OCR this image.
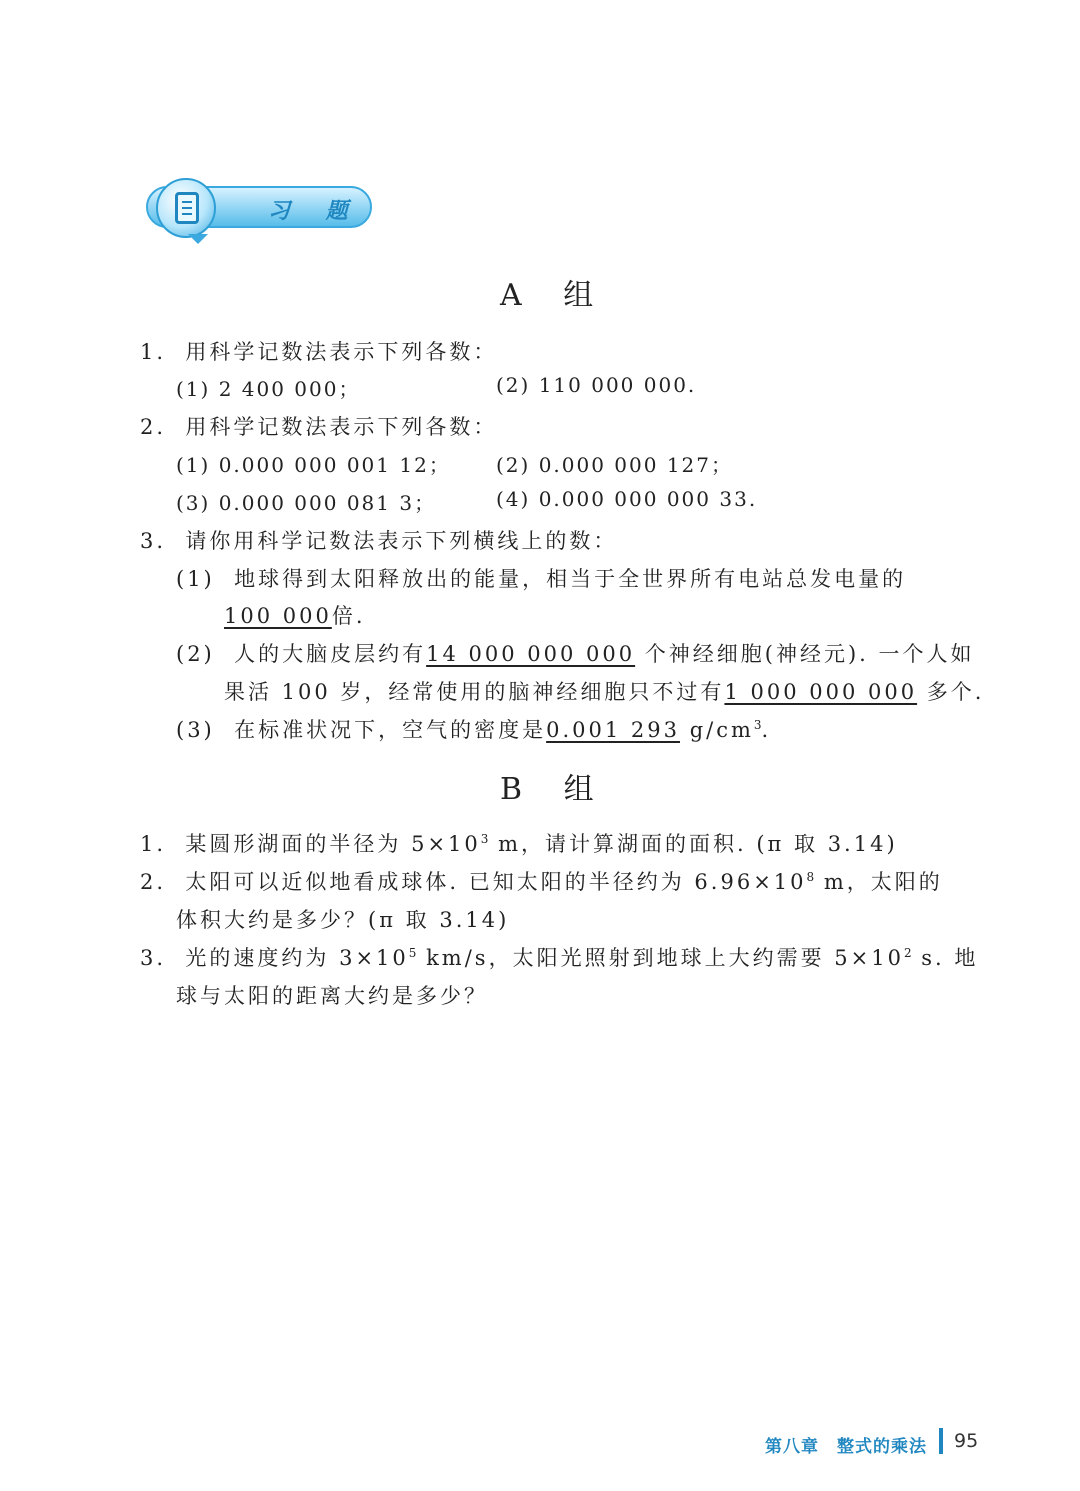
习 题
A 组
1. 用科学记数法表示下列各数：
(1) 2 400 000；	(2) 110 000 000.
2. 用科学记数法表示下列各数：
(1) 0.000 000 001 12； (2) 0.000 000 127；
(3) 0.000 000 081 3；	(4) 0.000 000 000 33.
3. 请你用科学记数法表示下列横线上的数：
(1) 地球得到太阳释放出的能量，相当于全世界所有电站总发电量的
100 000倍.
(2) 人的大脑皮层约有14 000 000 000 个神经细胞(神经元). 一个人如
果活 100 岁，经常使用的脑神经细胞只不过有1 000 000 000 多个.
(3) 在标准状况下，空气的密度是0.001 293 $g/cm^3$.
B 组
1. 某圆形湖面的半径为 $5\times 10^3$ m，请计算湖面的面积. (π 取 3.14)
2. 太阳可以近似地看成球体. 已知太阳的半径约为 $6.96\times 10^8$ m，太阳的
体积大约是多少？(π 取 3.14)
3. 光的速度约为 $3\times 10^5$ km/s，太阳光照射到地球上大约需要 $5\times 10^2$ s. 地
球与太阳的距离大约是多少？
第八章　整式的乘法 95
